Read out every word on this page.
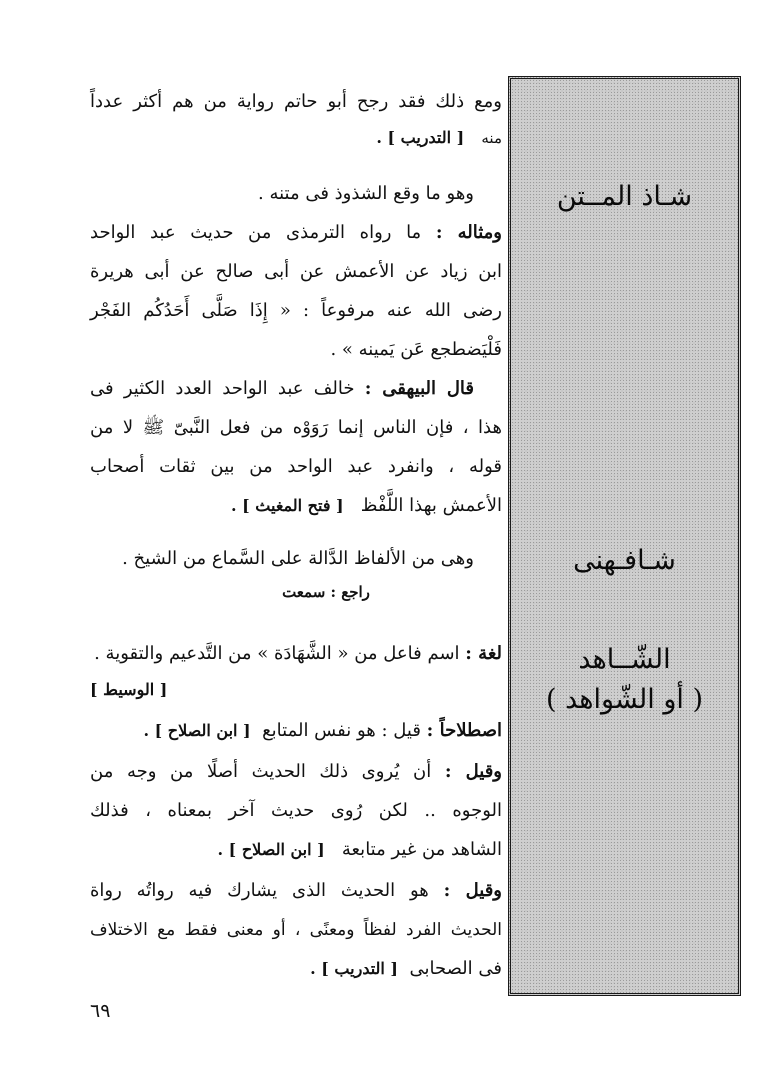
شـاذ المــتن
شـافـهنى
الشّــاهد
( أو الشّواهد )
ومع ذلك فقد رجح أبو حاتم رواية من هم أكثر عدداً
منه   [ التدريب ] .
وهو ما وقع الشذوذ فى متنه .
ومثاله : ما رواه الترمذى من حديث عبد الواحد
ابن زياد عن الأعمش عن أبى صالح عن أبى هريرة
رضى الله عنه مرفوعاً : « إِذَا صَلَّى أَحَدُكُم الفَجْر
فَلْيَضطجع عَن يَمينه » .
قال البيهقى : خالف عبد الواحد العدد الكثير فى
هذا ، فإن الناس إنما رَوَوْه من فعل النَّبىّ ﷺ لا من
قوله ، وانفرد عبد الواحد من بين ثقات أصحاب
الأعمش بهذا اللَّفْظ   [ فتح المغيث ] .
وهى من الألفاظ الدَّالة على السَّماع من الشيخ .
راجع : سمعت
لغة : اسم فاعل من « الشَّهَادَة » من التَّدعيم والتقوية .
[ الوسيط ]
اصطلاحاً : قيل : هو نفس المتابع  [ ابن الصلاح ] .
وقيل : أن يُروى ذلك الحديث أصلًا من وجه من
الوجوه .. لكن رُوى حديث آخر بمعناه ، فذلك
الشاهد من غير متابعة   [ ابن الصلاح ] .
وقيل : هو الحديث الذى يشارك فيه رواتُه رواة
الحديث الفرد لفظاً ومعنًى ، أو معنى فقط مع الاختلاف
فى الصحابى  [ التدريب ] .
٦٩
